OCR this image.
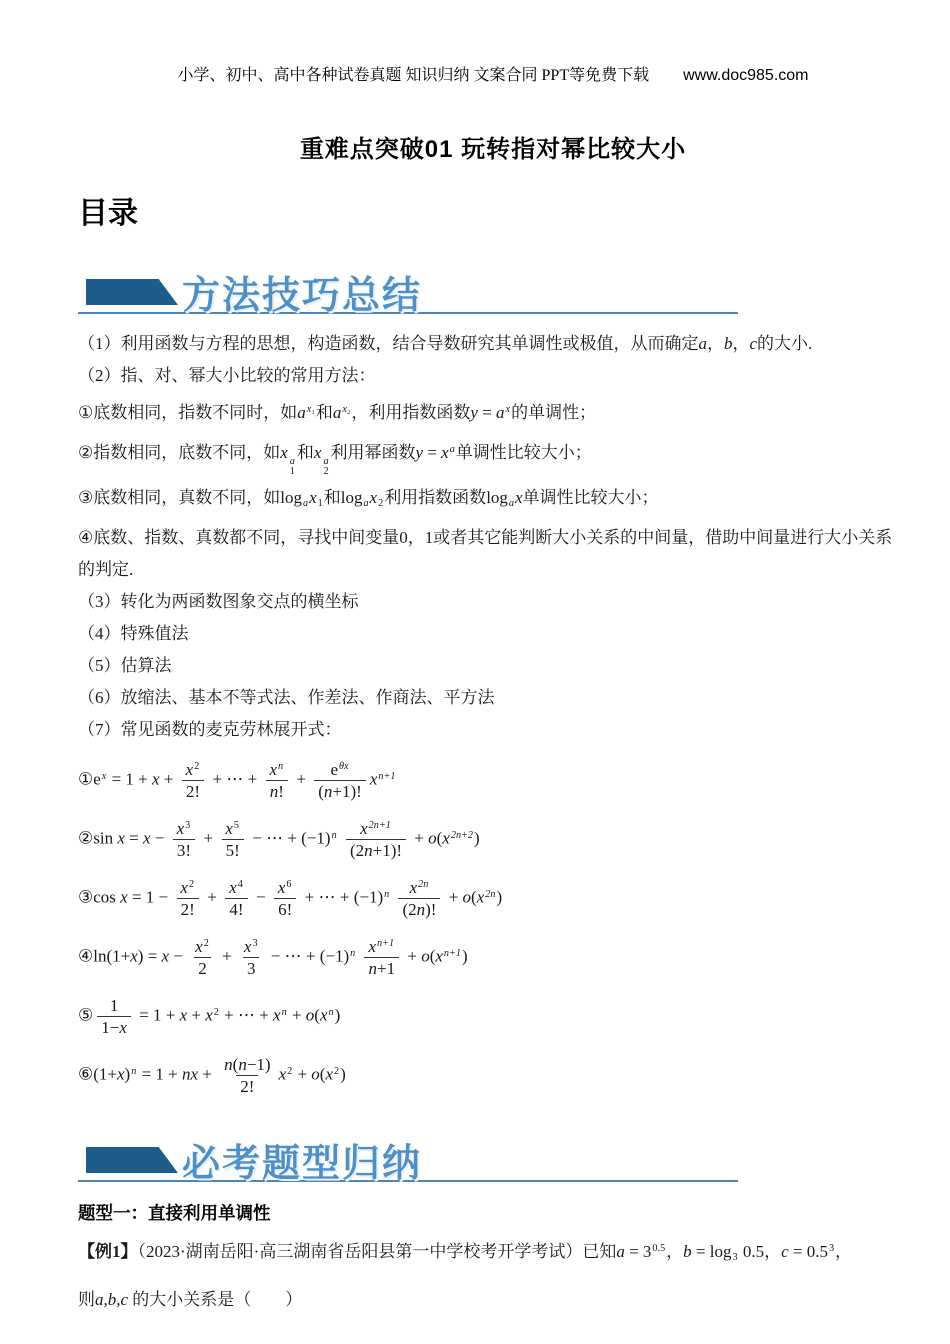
小学、初中、高中各种试卷真题 知识归纳 文案合同 PPT等免费下载 www.doc985.com
重难点突破01 玩转指对幂比较大小
目录
方法技巧总结
（1）利用函数与方程的思想，构造函数，结合导数研究其单调性或极值，从而确定a，b，c的大小.
（2）指、对、幂大小比较的常用方法：
①底数相同，指数不同时，如$a^{x_1}$和$a^{x_2}$，利用指数函数$y = a^x$的单调性；
②指数相同，底数不同，如x a
1
和x a
2
利用幂函数$y = x^a$单调性比较大小；
③底数相同，真数不同，如logax1和logax2利用指数函数logax单调性比较大小；
④底数、指数、真数都不同，寻找中间变量0，1或者其它能判断大小关系的中间量，借助中间量进行大小关系的判定.
（3）转化为两函数图象交点的横坐标
（4）特殊值法
（5）估算法
（6）放缩法、基本不等式法、作差法、作商法、平方法
（7）常见函数的麦克劳林展开式：
$①e^x = 1 + x + \frac{x^2}{2!}$ + ⋯ + $\frac{x^n}{n!} + \frac{e^{\theta x}}{(n+1)!} x^{n+1}$
②sin $x = x - \frac{x^3}{3!} + \frac{x^5}{5!}$ − ⋯ + $(-1)^n \frac{x^{2n+1}}{(2n+1)!} + o(x^{2n+2})$
③cos $x = 1 - \frac{x^2}{2!} + \frac{x^4}{4!} - \frac{x^6}{6!}$ + ⋯ + $(-1)^n \frac{x^{2n}}{(2n)!} + o(x^{2n})$
④ln(1+x) = $x - \frac{x^2}{2} + \frac{x^3}{3}$ − ⋯ + $(-1)^n \frac{x^{n+1}}{n+1} + o(x^{n+1})$
⑤ $\frac{1}{1-x} = 1 + x + x^2$ + ⋯ + $x^n + o(x^n)$
$⑥(1+x)^n = 1$ + nx + $\frac{n(n-1)}{2!} x^2 + o(x^2)$
必考题型归纳
题型一：直接利用单调性
【例1】（2023·湖南岳阳·高三湖南省岳阳县第一中学校考开学考试）已知$a = 3^{0.5}$，b = log3 0.5，$c = 0.5^3$，
则a,b,c 的大小关系是（　　）
